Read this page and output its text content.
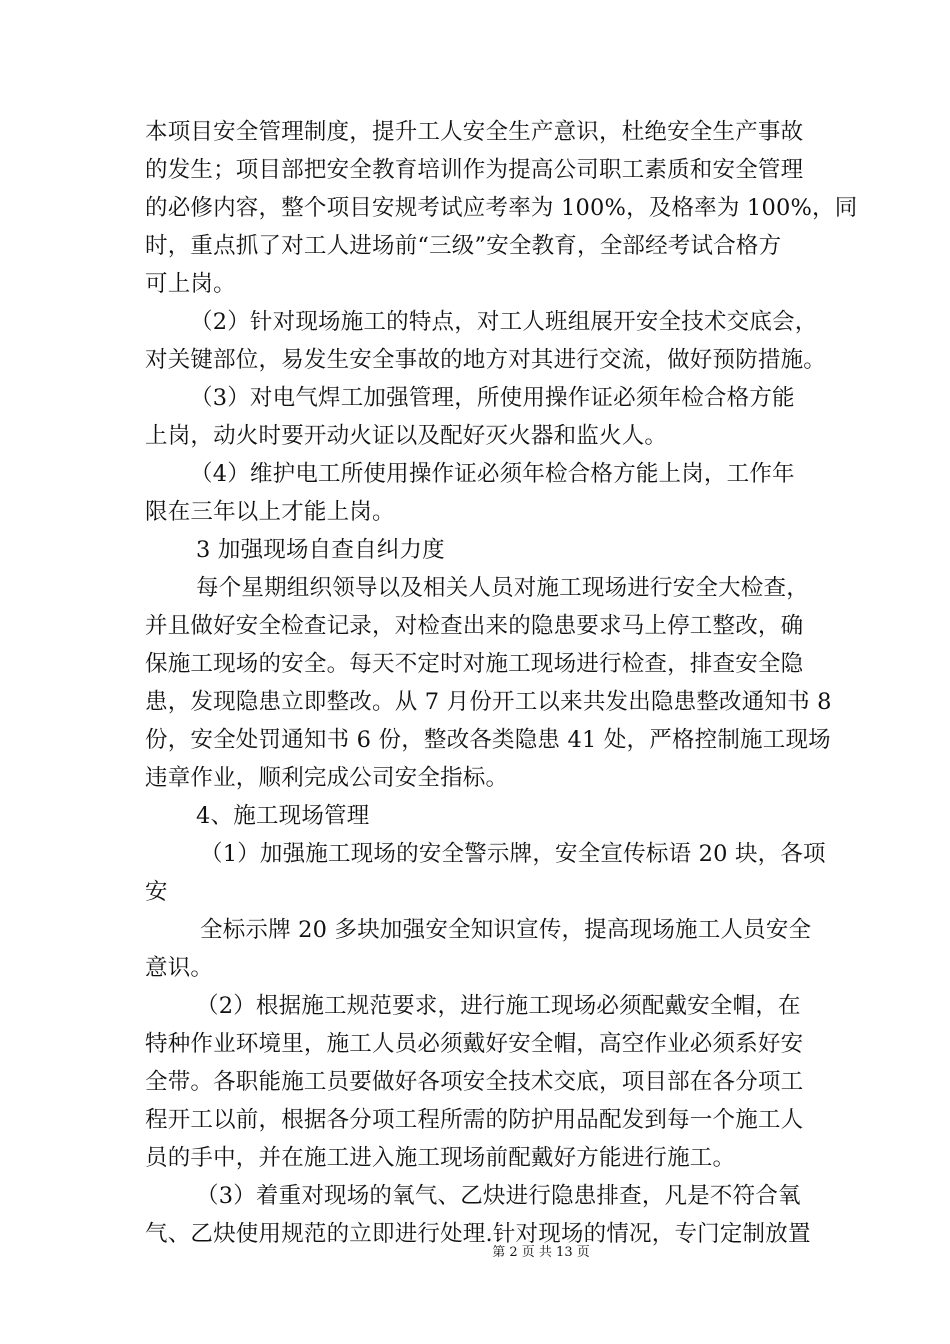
本项目安全管理制度，提升工人安全生产意识，杜绝安全生产事故
的发生；项目部把安全教育培训作为提高公司职工素质和安全管理
的必修内容，整个项目安规考试应考率为 100%，及格率为 100%，同
时，重点抓了对工人进场前“三级”安全教育，全部经考试合格方
可上岗。
（2）针对现场施工的特点，对工人班组展开安全技术交底会，
对关键部位，易发生安全事故的地方对其进行交流，做好预防措施。
（3）对电气焊工加强管理，所使用操作证必须年检合格方能
上岗，动火时要开动火证以及配好灭火器和监火人。
（4）维护电工所使用操作证必须年检合格方能上岗，工作年
限在三年以上才能上岗。
3 加强现场自查自纠力度
每个星期组织领导以及相关人员对施工现场进行安全大检查，
并且做好安全检查记录，对检查出来的隐患要求马上停工整改，确
保施工现场的安全。每天不定时对施工现场进行检查，排查安全隐
患，发现隐患立即整改。从 7 月份开工以来共发出隐患整改通知书 8
份，安全处罚通知书 6 份，整改各类隐患 41 处，严格控制施工现场
违章作业，顺利完成公司安全指标。
4、施工现场管理
（1）加强施工现场的安全警示牌，安全宣传标语 20 块，各项
安
全标示牌 20 多块加强安全知识宣传，提高现场施工人员安全
意识。
（2）根据施工规范要求，进行施工现场必须配戴安全帽，在
特种作业环境里，施工人员必须戴好安全帽，高空作业必须系好安
全带。各职能施工员要做好各项安全技术交底，项目部在各分项工
程开工以前，根据各分项工程所需的防护用品配发到每一个施工人
员的手中，并在施工进入施工现场前配戴好方能进行施工。
（3）着重对现场的氧气、乙炔进行隐患排查，凡是不符合氧
气、乙炔使用规范的立即进行处理.针对现场的情况，专门定制放置
第 2 页 共 13 页
